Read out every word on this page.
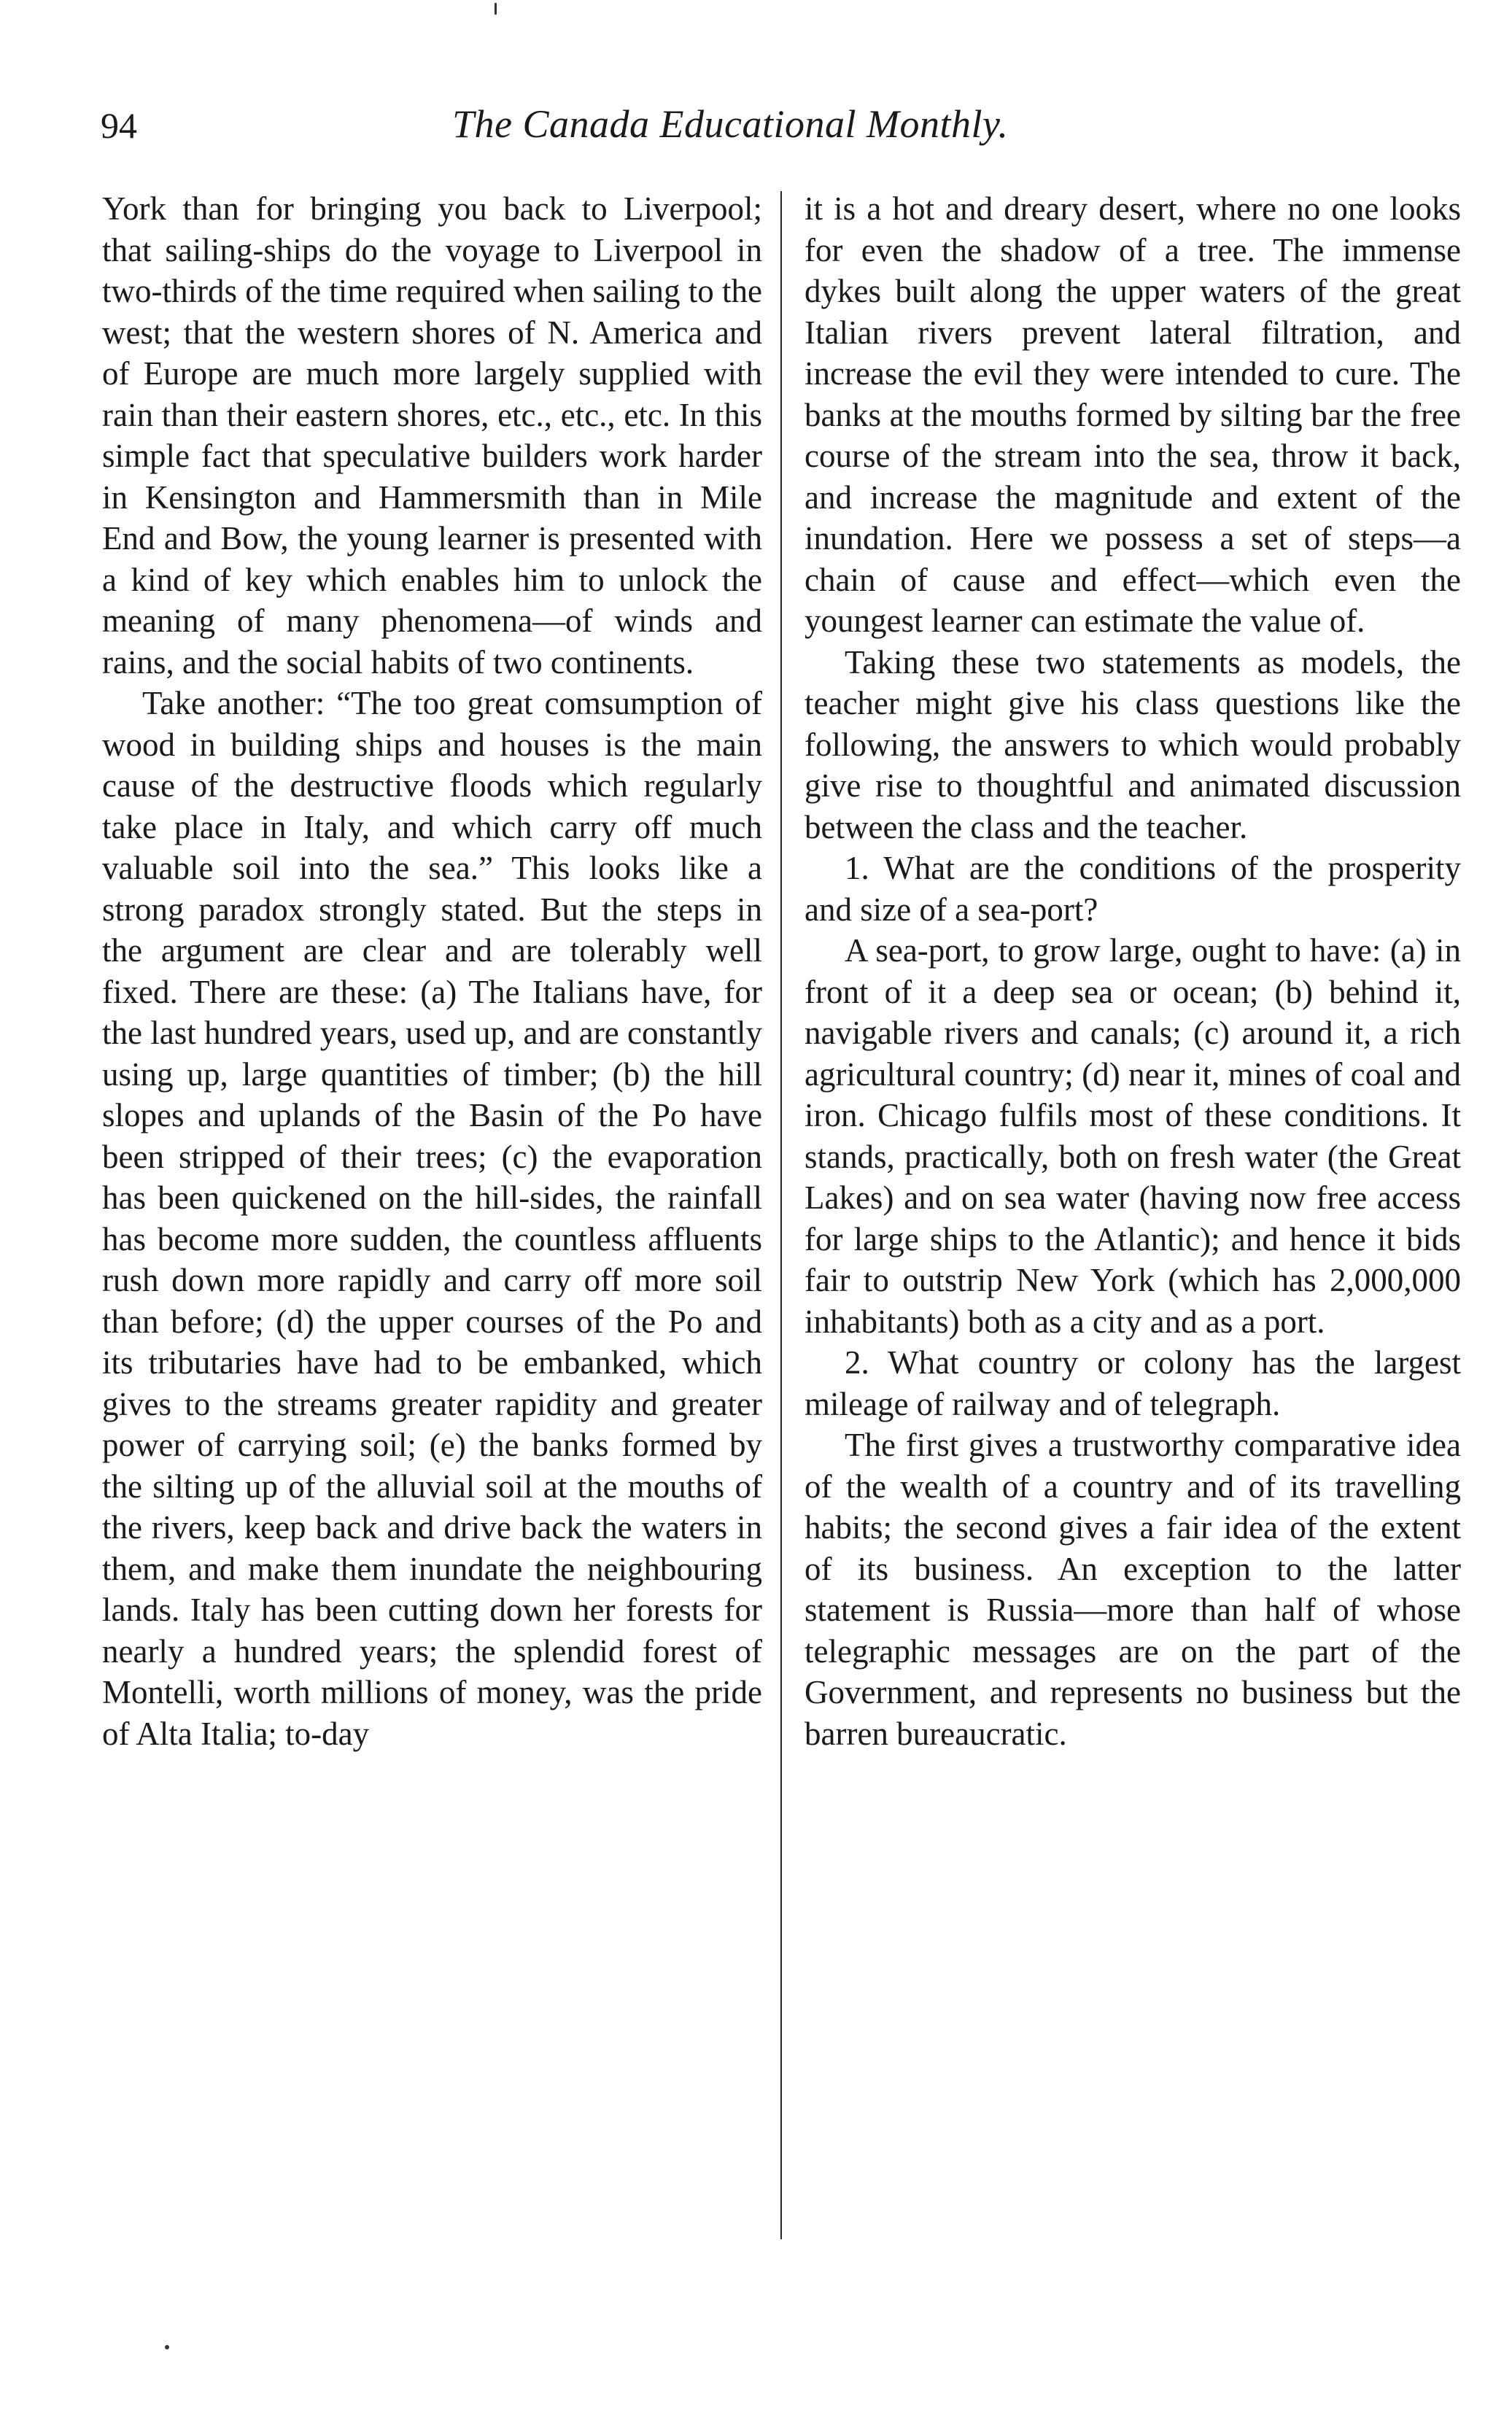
94	The Canada Educational Monthly.

York than for bringing you back to Liverpool; that sailing-ships do the voyage to Liverpool in two-thirds of the time required when sailing to the west; that the western shores of N. America and of Europe are much more largely supplied with rain than their eastern shores, etc., etc., etc. In this simple fact that speculative builders work harder in Kensington and Hammersmith than in Mile End and Bow, the young learner is presented with a kind of key which enables him to unlock the meaning of many phenomena—of winds and rains, and the social habits of two continents.

Take another: “The too great comsumption of wood in building ships and houses is the main cause of the destructive floods which regularly take place in Italy, and which carry off much valuable soil into the sea.” This looks like a strong paradox strongly stated. But the steps in the argument are clear and are tolerably well fixed. There are these: (a) The Italians have, for the last hundred years, used up, and are constantly using up, large quantities of timber; (b) the hill slopes and uplands of the Basin of the Po have been stripped of their trees; (c) the evaporation has been quickened on the hill-sides, the rainfall has become more sudden, the countless affluents rush down more rapidly and carry off more soil than before; (d) the upper courses of the Po and its tributaries have had to be embanked, which gives to the streams greater rapidity and greater power of carrying soil; (e) the banks formed by the silting up of the alluvial soil at the mouths of the rivers, keep back and drive back the waters in them, and make them inundate the neighbouring lands. Italy has been cutting down her forests for nearly a hundred years; the splendid forest of Montelli, worth millions of money, was the pride of Alta Italia; to-day

it is a hot and dreary desert, where no one looks for even the shadow of a tree. The immense dykes built along the upper waters of the great Italian rivers prevent lateral filtration, and increase the evil they were intended to cure. The banks at the mouths formed by silting bar the free course of the stream into the sea, throw it back, and increase the magnitude and extent of the inundation. Here we possess a set of steps—a chain of cause and effect—which even the youngest learner can estimate the value of.

Taking these two statements as models, the teacher might give his class questions like the following, the answers to which would probably give rise to thoughtful and animated discussion between the class and the teacher.

1. What are the conditions of the prosperity and size of a sea-port?

A sea-port, to grow large, ought to have: (a) in front of it a deep sea or ocean; (b) behind it, navigable rivers and canals; (c) around it, a rich agricultural country; (d) near it, mines of coal and iron. Chicago fulfils most of these conditions. It stands, practically, both on fresh water (the Great Lakes) and on sea water (having now free access for large ships to the Atlantic); and hence it bids fair to outstrip New York (which has 2,000,000 inhabitants) both as a city and as a port.

2. What country or colony has the largest mileage of railway and of telegraph.

The first gives a trustworthy comparative idea of the wealth of a country and of its travelling habits; the second gives a fair idea of the extent of its business. An exception to the latter statement is Russia—more than half of whose telegraphic messages are on the part of the Government, and represents no business but the barren bureaucratic.
